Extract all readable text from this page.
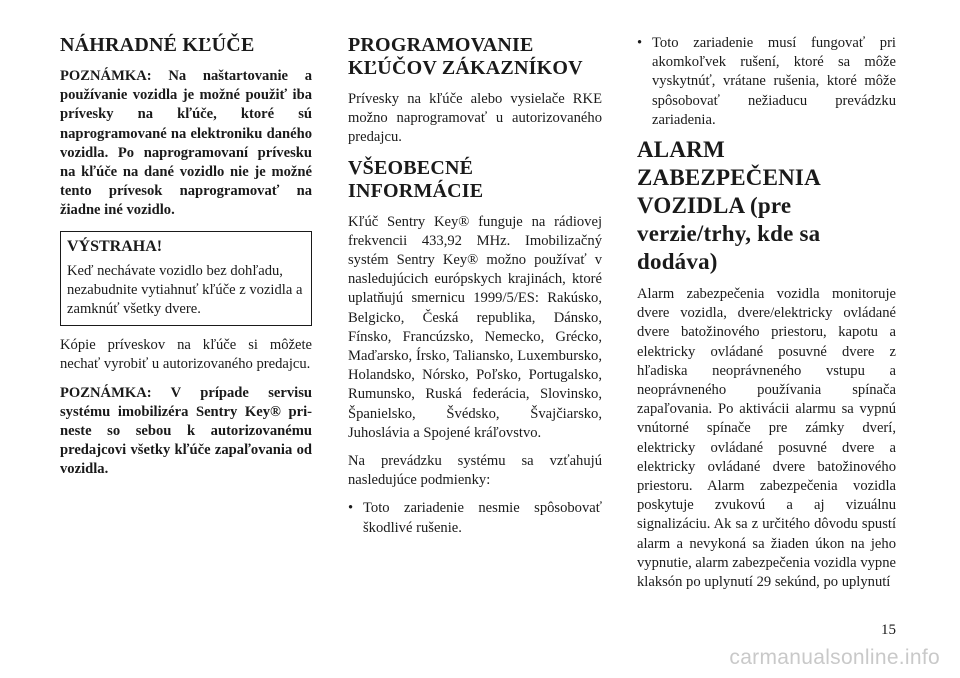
NÁHRADNÉ KĽÚČE

POZNÁMKA: Na naštartovanie a používanie vozidla je možné použiť iba prívesky na kľúče, ktoré sú naprogramované na elektroniku daného vozidla. Po naprogramovaní prívesku na kľúče na dané vozidlo nie je možné tento prívesok naprogramovať na žiadne iné vozidlo.

VÝSTRAHA!

Keď nechávate vozidlo bez dohľadu, nezabudnite vytiahnuť kľúče z vozidla a zamknúť všetky dvere.

Kópie príveskov na kľúče si môžete nechať vyrobiť u autorizovaného predajcu.

POZNÁMKA: V prípade servisu systému imobilizéra Sentry Key® pri- neste so sebou k autorizovanému predajcovi všetky kľúče zapaľovania od vozidla.

PROGRAMOVANIE KĽÚČOV ZÁKAZNÍKOV

Prívesky na kľúče alebo vysielače RKE možno naprogramovať u autorizovaného predajcu.

VŠEOBECNÉ INFORMÁCIE

Kľúč Sentry Key® funguje na rádiovej frekvencii 433,92 MHz. Imobilizačný systém Sentry Key® možno používať v nasledujúcich európskych krajinách, ktoré uplatňujú smernicu 1999/5/ES: Rakúsko, Belgicko, Česká republika, Dánsko, Fínsko, Francúzsko, Nemecko, Grécko, Maďarsko, Írsko, Taliansko, Luxembursko, Holandsko, Nórsko, Poľsko, Portugalsko, Rumunsko, Ruská federácia, Slovinsko, Španielsko, Švédsko, Švajčiarsko, Juhoslávia a Spojené kráľovstvo.

Na prevádzku systému sa vzťahujú nasledujúce podmienky:

• Toto zariadenie nesmie spôsobovať škodlivé rušenie.
• Toto zariadenie musí fungovať pri akomkoľvek rušení, ktoré sa môže vyskytnúť, vrátane rušenia, ktoré môže spôsobovať nežiaducu prevádzku zariadenia.
ALARM ZABEZPEČENIA VOZIDLA (pre verzie/trhy, kde sa dodáva)

Alarm zabezpečenia vozidla monitoruje dvere vozidla, dvere/elektricky ovládané dvere batožinového priestoru, kapotu a elektricky ovládané posuvné dvere z hľadiska neoprávneného vstupu a neoprávneného používania spínača zapaľovania. Po aktivácii alarmu sa vypnú vnútorné spínače pre zámky dverí, elektricky ovládané posuvné dvere a elektricky ovládané dvere batožinového priestoru. Alarm zabezpečenia vozidla poskytuje zvukovú a aj vizuálnu signalizáciu. Ak sa z určitého dôvodu spustí alarm a nevykoná sa žiaden úkon na jeho vypnutie, alarm zabezpečenia vozidla vypne klaksón po uplynutí 29 sekúnd, po uplynutí

15
carmanualsonline.info
